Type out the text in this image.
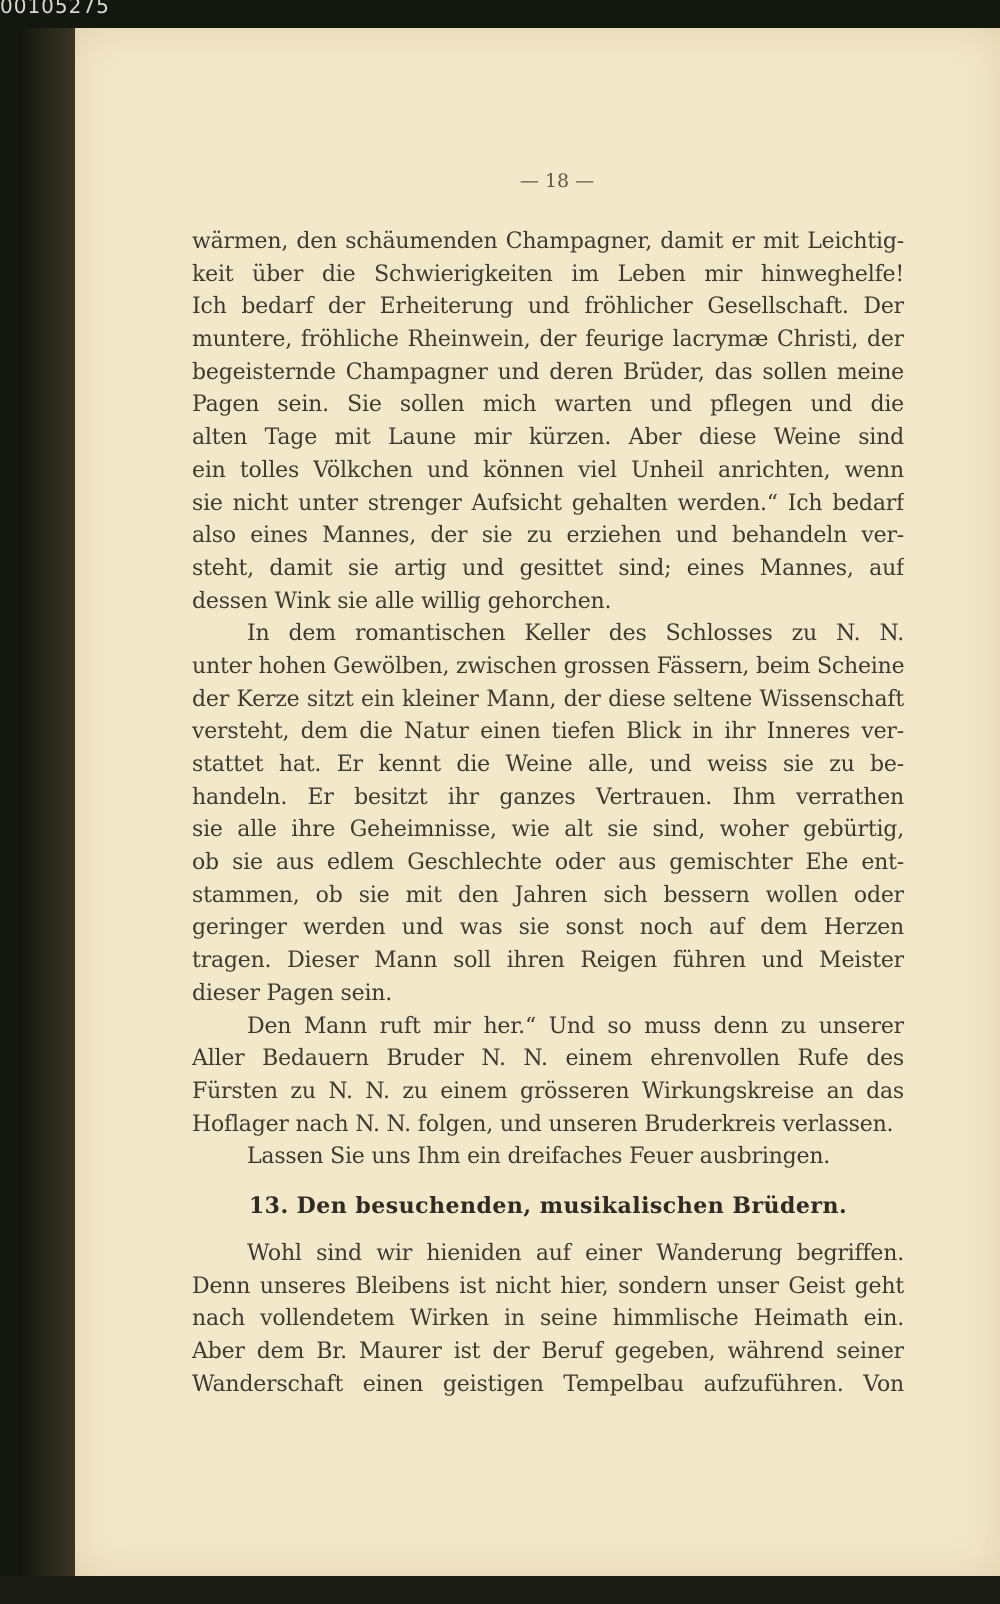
00105275
— 18 —
wärmen, den schäumenden Champagner, damit er mit Leichtig-
keit über die Schwierigkeiten im Leben mir hinweghelfe!
Ich bedarf der Erheiterung und fröhlicher Gesellschaft. Der
muntere, fröhliche Rheinwein, der feurige lacrymæ Christi, der
begeisternde Champagner und deren Brüder, das sollen meine
Pagen sein. Sie sollen mich warten und pflegen und die
alten Tage mit Laune mir kürzen. Aber diese Weine sind
ein tolles Völkchen und können viel Unheil anrichten, wenn
sie nicht unter strenger Aufsicht gehalten werden.“ Ich bedarf
also eines Mannes, der sie zu erziehen und behandeln ver-
steht, damit sie artig und gesittet sind; eines Mannes, auf
dessen Wink sie alle willig gehorchen.
In dem romantischen Keller des Schlosses zu N. N.
unter hohen Gewölben, zwischen grossen Fässern, beim Scheine
der Kerze sitzt ein kleiner Mann, der diese seltene Wissenschaft
versteht, dem die Natur einen tiefen Blick in ihr Inneres ver-
stattet hat. Er kennt die Weine alle, und weiss sie zu be-
handeln. Er besitzt ihr ganzes Vertrauen. Ihm verrathen
sie alle ihre Geheimnisse, wie alt sie sind, woher gebürtig,
ob sie aus edlem Geschlechte oder aus gemischter Ehe ent-
stammen, ob sie mit den Jahren sich bessern wollen oder
geringer werden und was sie sonst noch auf dem Herzen
tragen. Dieser Mann soll ihren Reigen führen und Meister
dieser Pagen sein.
Den Mann ruft mir her.“ Und so muss denn zu unserer
Aller Bedauern Bruder N. N. einem ehrenvollen Rufe des
Fürsten zu N. N. zu einem grösseren Wirkungskreise an das
Hoflager nach N. N. folgen, und unseren Bruderkreis verlassen.
Lassen Sie uns Ihm ein dreifaches Feuer ausbringen.
13. Den besuchenden, musikalischen Brüdern.
Wohl sind wir hieniden auf einer Wanderung begriffen.
Denn unseres Bleibens ist nicht hier, sondern unser Geist geht
nach vollendetem Wirken in seine himmlische Heimath ein.
Aber dem Br. Maurer ist der Beruf gegeben, während seiner
Wanderschaft einen geistigen Tempelbau aufzuführen. Von
